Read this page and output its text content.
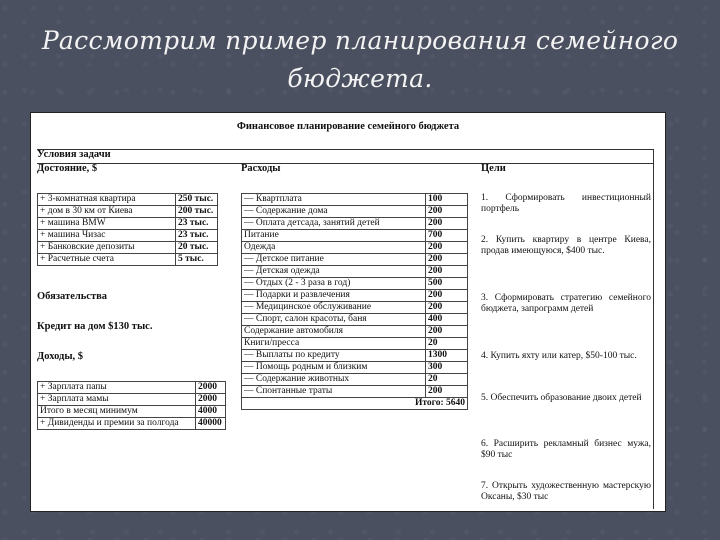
Рассмотрим пример планирования семейного бюджета.
Финансовое планирование семейного бюджета
Условия задачи
Достояние, $
+ 3-комнатная квартира	250 тыс.
+ дом в 30 км от Киева	200 тыс.
+ машина BMW	23 тыс.
+ машина Чизас	23 тыс.
+ Банковские депозиты	20 тыс.
+ Расчетные счета	5 тыс.
Обязательства
Кредит на дом $130 тыс.
Доходы, $
+ Зарплата папы	2000
+ Зарплата мамы	2000
Итого в месяц минимум	4000
+ Дивиденды и премии за полгода	40000
Расходы
— Квартплата	100
— Содержание дома	200
— Оплата детсада, занятий детей	200
Питание	700
Одежда	200
— Детское питание	200
— Детская одежда	200
— Отдых (2 - 3 раза в год)	500
— Подарки и развлечения	200
— Медицинское обслуживание	200
— Спорт, салон красоты, баня	400
Содержание автомобиля	200
Книги/пресса	20
— Выплаты по кредиту	1300
— Помощь родным и близким	300
— Содержание животных	20
— Спонтанные траты	200
Итого: 5640	
Цели
1. Сформировать инвестиционный портфель
2. Купить квартиру в центре Киева, продав имеющуюся, $400 тыс.
3. Сформировать стратегию семейного бюджета, запрограмм детей
4. Купить яхту или катер, $50-100 тыс.
5. Обеспечить образование двоих детей
6. Расширить рекламный бизнес мужа, $90 тыс
7. Открыть художественную мастерскую Оксаны, $30 тыс
